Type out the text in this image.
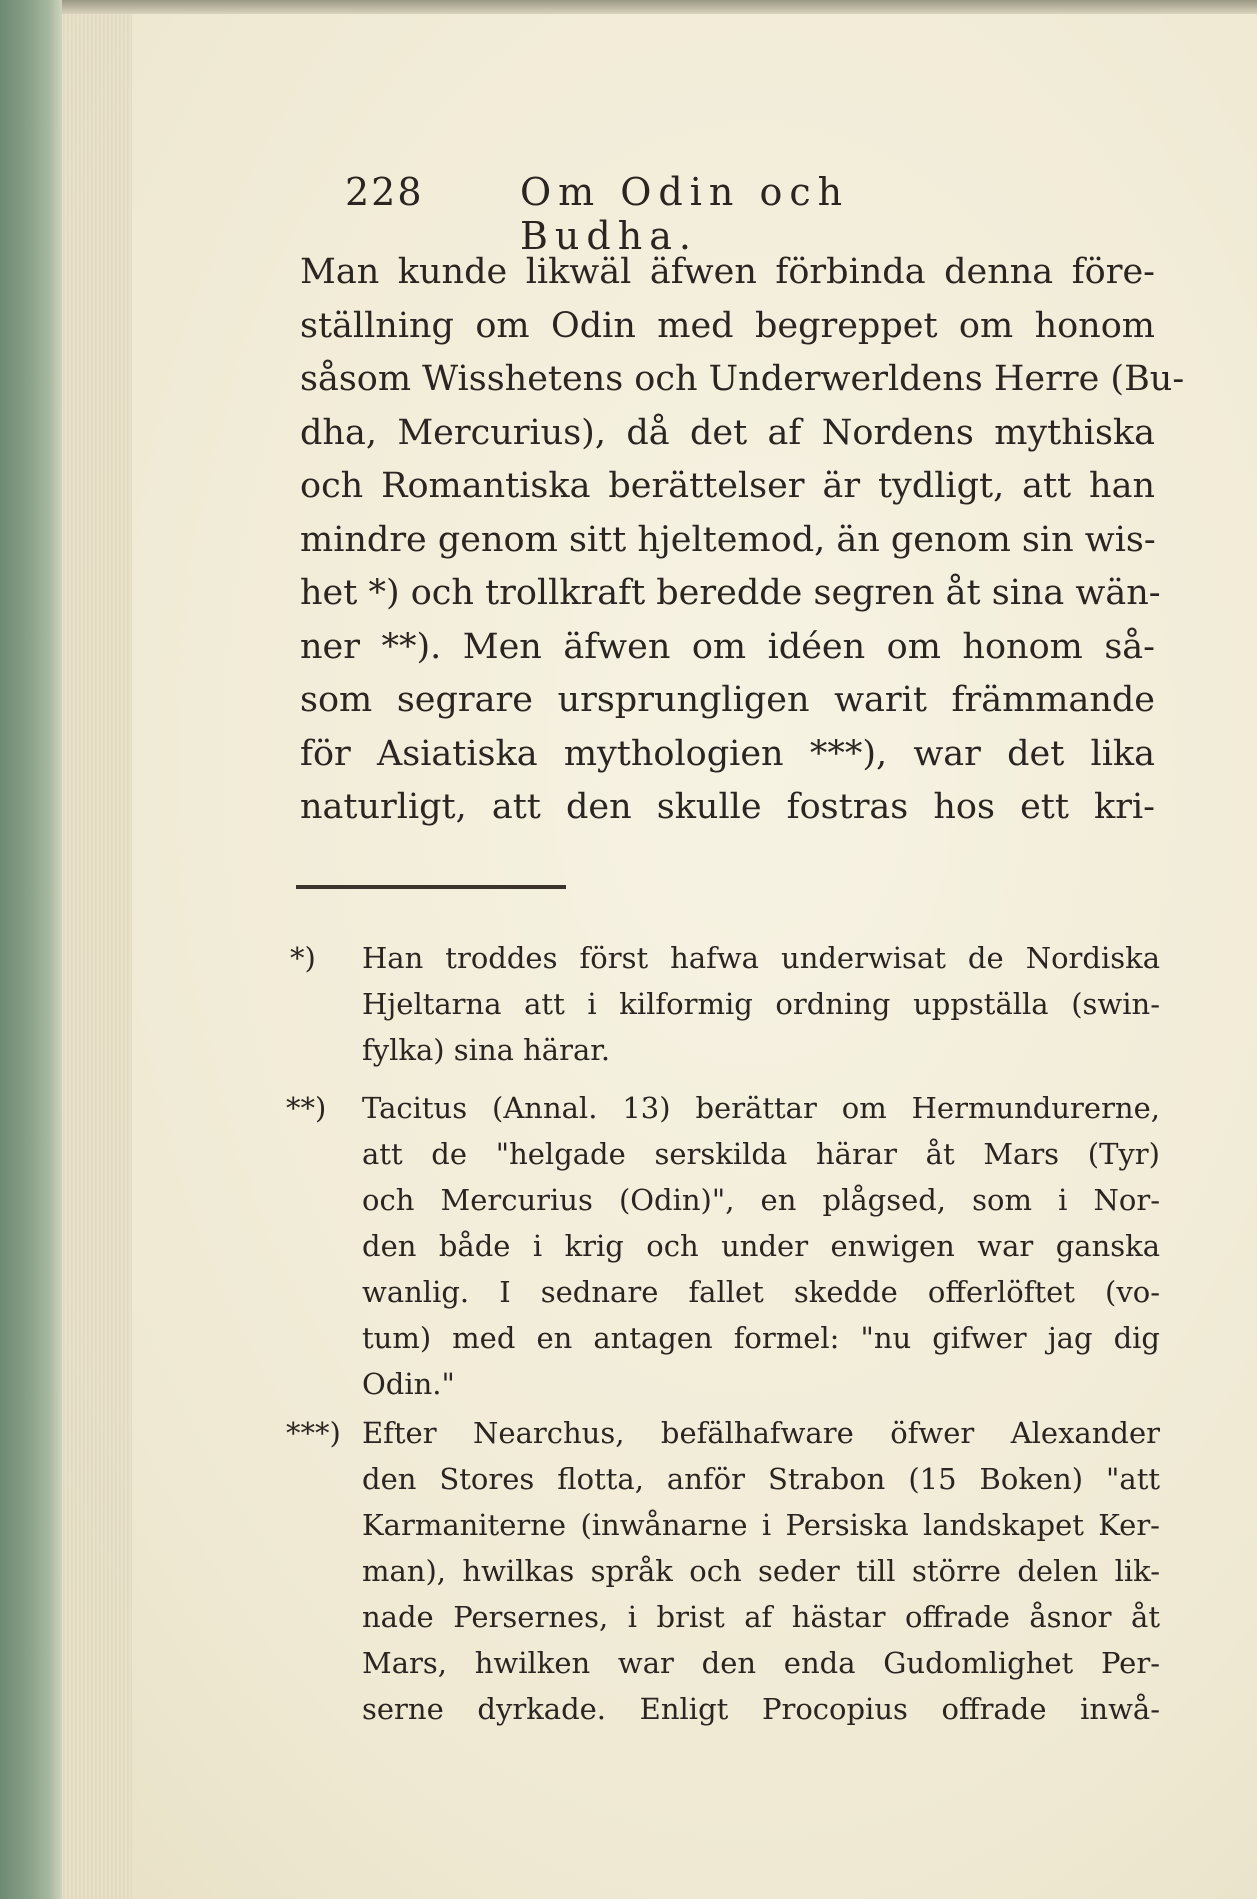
228	Om Odin och Budha.
Man kunde likwäl äfwen förbinda denna före-
ställning om Odin med begreppet om honom
såsom Wisshetens och Underwerldens Herre (Bu-
dha, Mercurius), då det af Nordens mythiska
och Romantiska berättelser är tydligt, att han
mindre genom sitt hjeltemod, än genom sin wis-
het *) och trollkraft beredde segren åt sina wän-
ner **). Men äfwen om idéen om honom så-
som segrare ursprungligen warit främmande
för Asiatiska mythologien ***), war det lika
naturligt, att den skulle fostras hos ett kri-
*) Han troddes först hafwa underwisat de Nordiska
Hjeltarna att i kilformig ordning uppställa (swin-
fylka) sina härar.
**) Tacitus (Annal. 13) berättar om Hermundurerne,
att de "helgade serskilda härar åt Mars (Tyr)
och Mercurius (Odin)", en plågsed, som i Nor-
den både i krig och under enwigen war ganska
wanlig. I sednare fallet skedde offerlöftet (vo-
tum) med en antagen formel: "nu gifwer jag dig
Odin."
***) Efter Nearchus, befälhafware öfwer Alexander
den Stores flotta, anför Strabon (15 Boken) "att
Karmaniterne (inwånarne i Persiska landskapet Ker-
man), hwilkas språk och seder till större delen lik-
nade Persernes, i brist af hästar offrade åsnor åt
Mars, hwilken war den enda Gudomlighet Per-
serne dyrkade. Enligt Procopius offrade inwå-
